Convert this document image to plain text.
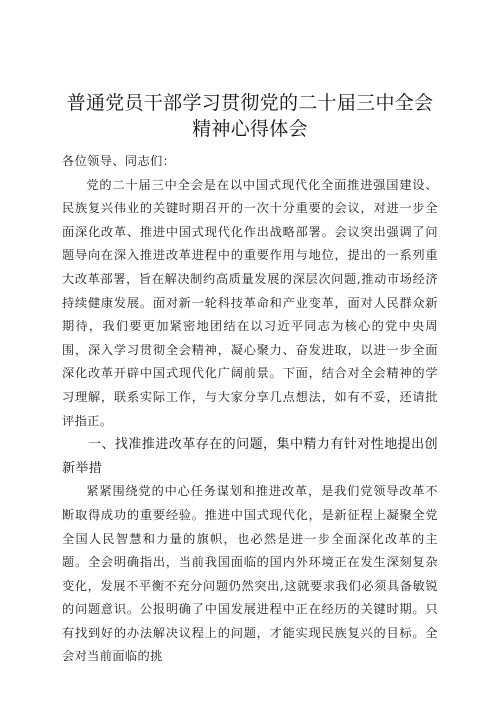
普通党员干部学习贯彻党的二十届三中全会精神心得体会

各位领导、同志们：

党的二十届三中全会是在以中国式现代化全面推进强国建设、民族复兴伟业的关键时期召开的一次十分重要的会议，对进一步全面深化改革、推进中国式现代化作出战略部署。会议突出强调了问题导向在深入推进改革进程中的重要作用与地位，提出的一系列重大改革部署，旨在解决制约高质量发展的深层次问题,推动市场经济持续健康发展。面对新一轮科技革命和产业变革，面对人民群众新期待，我们要更加紧密地团结在以习近平同志为核心的党中央周围，深入学习贯彻全会精神，凝心聚力、奋发进取，以进一步全面深化改革开辟中国式现代化广阔前景。下面，结合对全会精神的学习理解，联系实际工作，与大家分享几点想法，如有不妥，还请批评指正。

一、找准推进改革存在的问题，集中精力有针对性地提出创新举措

紧紧围绕党的中心任务谋划和推进改革，是我们党领导改革不断取得成功的重要经验。推进中国式现代化，是新征程上凝聚全党全国人民智慧和力量的旗帜，也必然是进一步全面深化改革的主题。全会明确指出，当前我国面临的国内外环境正在发生深刻复杂变化，发展不平衡不充分问题仍然突出,这就要求我们必须具备敏锐的问题意识。公报明确了中国发展进程中正在经历的关键时期。只有找到好的办法解决议程上的问题，才能实现民族复兴的目标。全会对当前面临的挑
